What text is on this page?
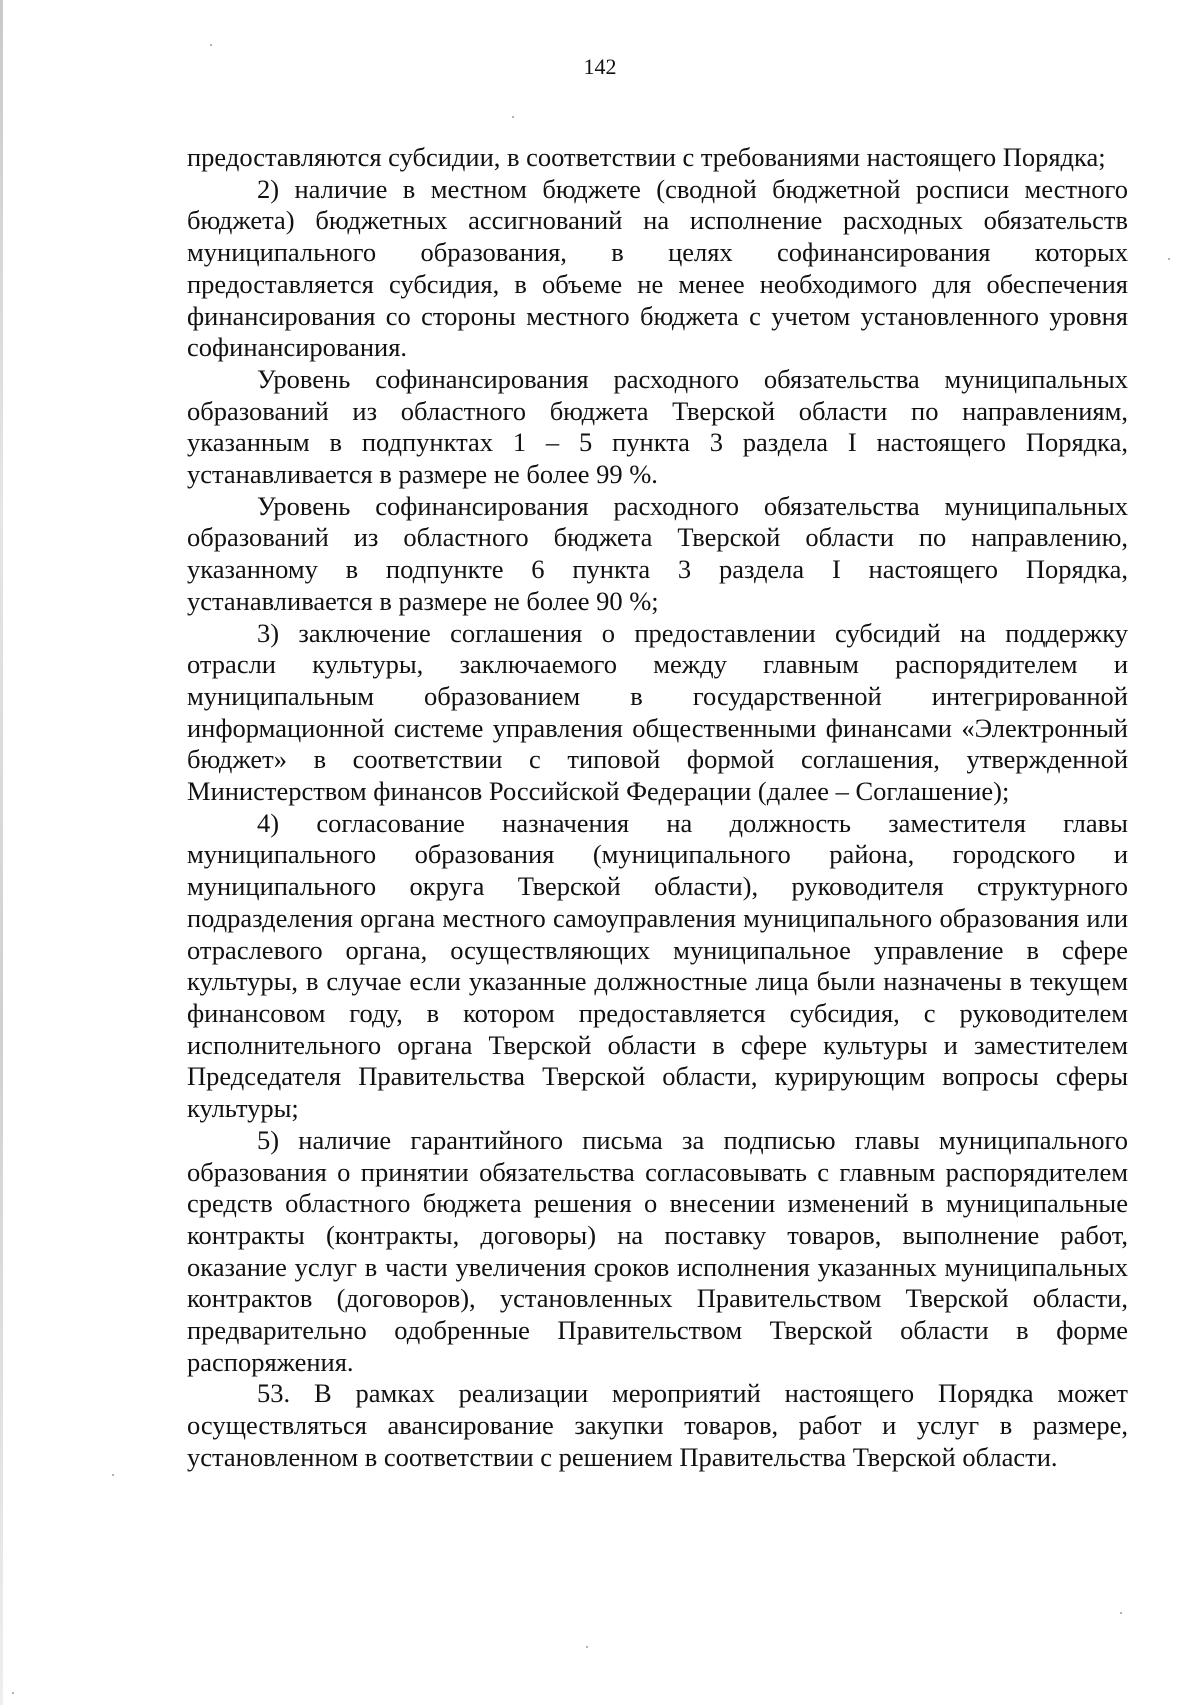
142

предоставляются субсидии, в соответствии с требованиями настоящего Порядка;

2) наличие в местном бюджете (сводной бюджетной росписи местного бюджета) бюджетных ассигнований на исполнение расходных обязательств муниципального образования, в целях софинансирования которых предоставляется субсидия, в объеме не менее необходимого для обеспечения финансирования со стороны местного бюджета с учетом установленного уровня софинансирования.

Уровень софинансирования расходного обязательства муниципальных образований из областного бюджета Тверской области по направлениям, указанным в подпунктах 1 – 5 пункта 3 раздела I настоящего Порядка, устанавливается в размере не более 99 %.

Уровень софинансирования расходного обязательства муниципальных образований из областного бюджета Тверской области по направлению, указанному в подпункте 6 пункта 3 раздела I настоящего Порядка, устанавливается в размере не более 90 %;

3) заключение соглашения о предоставлении субсидий на поддержку отрасли культуры, заключаемого между главным распорядителем и муниципальным образованием в государственной интегрированной информационной системе управления общественными финансами «Электронный бюджет» в соответствии с типовой формой соглашения, утвержденной Министерством финансов Российской Федерации (далее – Соглашение);

4) согласование назначения на должность заместителя главы муниципального образования (муниципального района, городского и муниципального округа Тверской области), руководителя структурного подразделения органа местного самоуправления муниципального образования или отраслевого органа, осуществляющих муниципальное управление в сфере культуры, в случае если указанные должностные лица были назначены в текущем финансовом году, в котором предоставляется субсидия, с руководителем исполнительного органа Тверской области в сфере культуры и заместителем Председателя Правительства Тверской области, курирующим вопросы сферы культуры;

5) наличие гарантийного письма за подписью главы муниципального образования о принятии обязательства согласовывать с главным распорядителем средств областного бюджета решения о внесении изменений в муниципальные контракты (контракты, договоры) на поставку товаров, выполнение работ, оказание услуг в части увеличения сроков исполнения указанных муниципальных контрактов (договоров), установленных Правительством Тверской области, предварительно одобренные Правительством Тверской области в форме распоряжения.

53. В рамках реализации мероприятий настоящего Порядка может осуществляться авансирование закупки товаров, работ и услуг в размере, установленном в соответствии с решением Правительства Тверской области.
